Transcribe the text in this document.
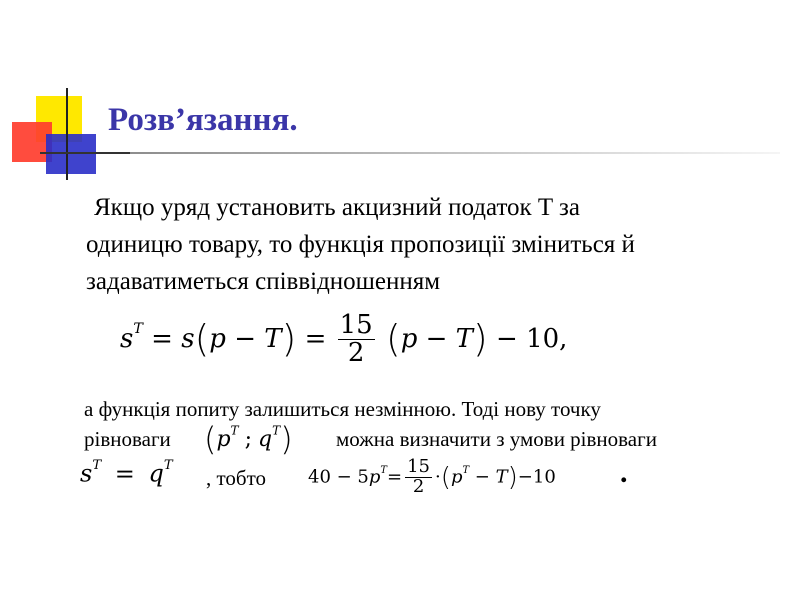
Розв’язання.
Якщо уряд установить акцизний податок T за
одиницю товару, то функція пропозиції зміниться й
задаватиметься співвідношенням
$s^T = s(p - T) = \frac{15}{2} (p - T) - 10$,
а функція попиту залишиться незмінною. Тоді нову точку
рівноваги ($p^T$ ; $q^T$) можна визначити з умови рівноваги
$s^T = q^T$
, тобто $40 - 5p^T= \frac{15}{2} \cdot(p^T - T)-10$ .
